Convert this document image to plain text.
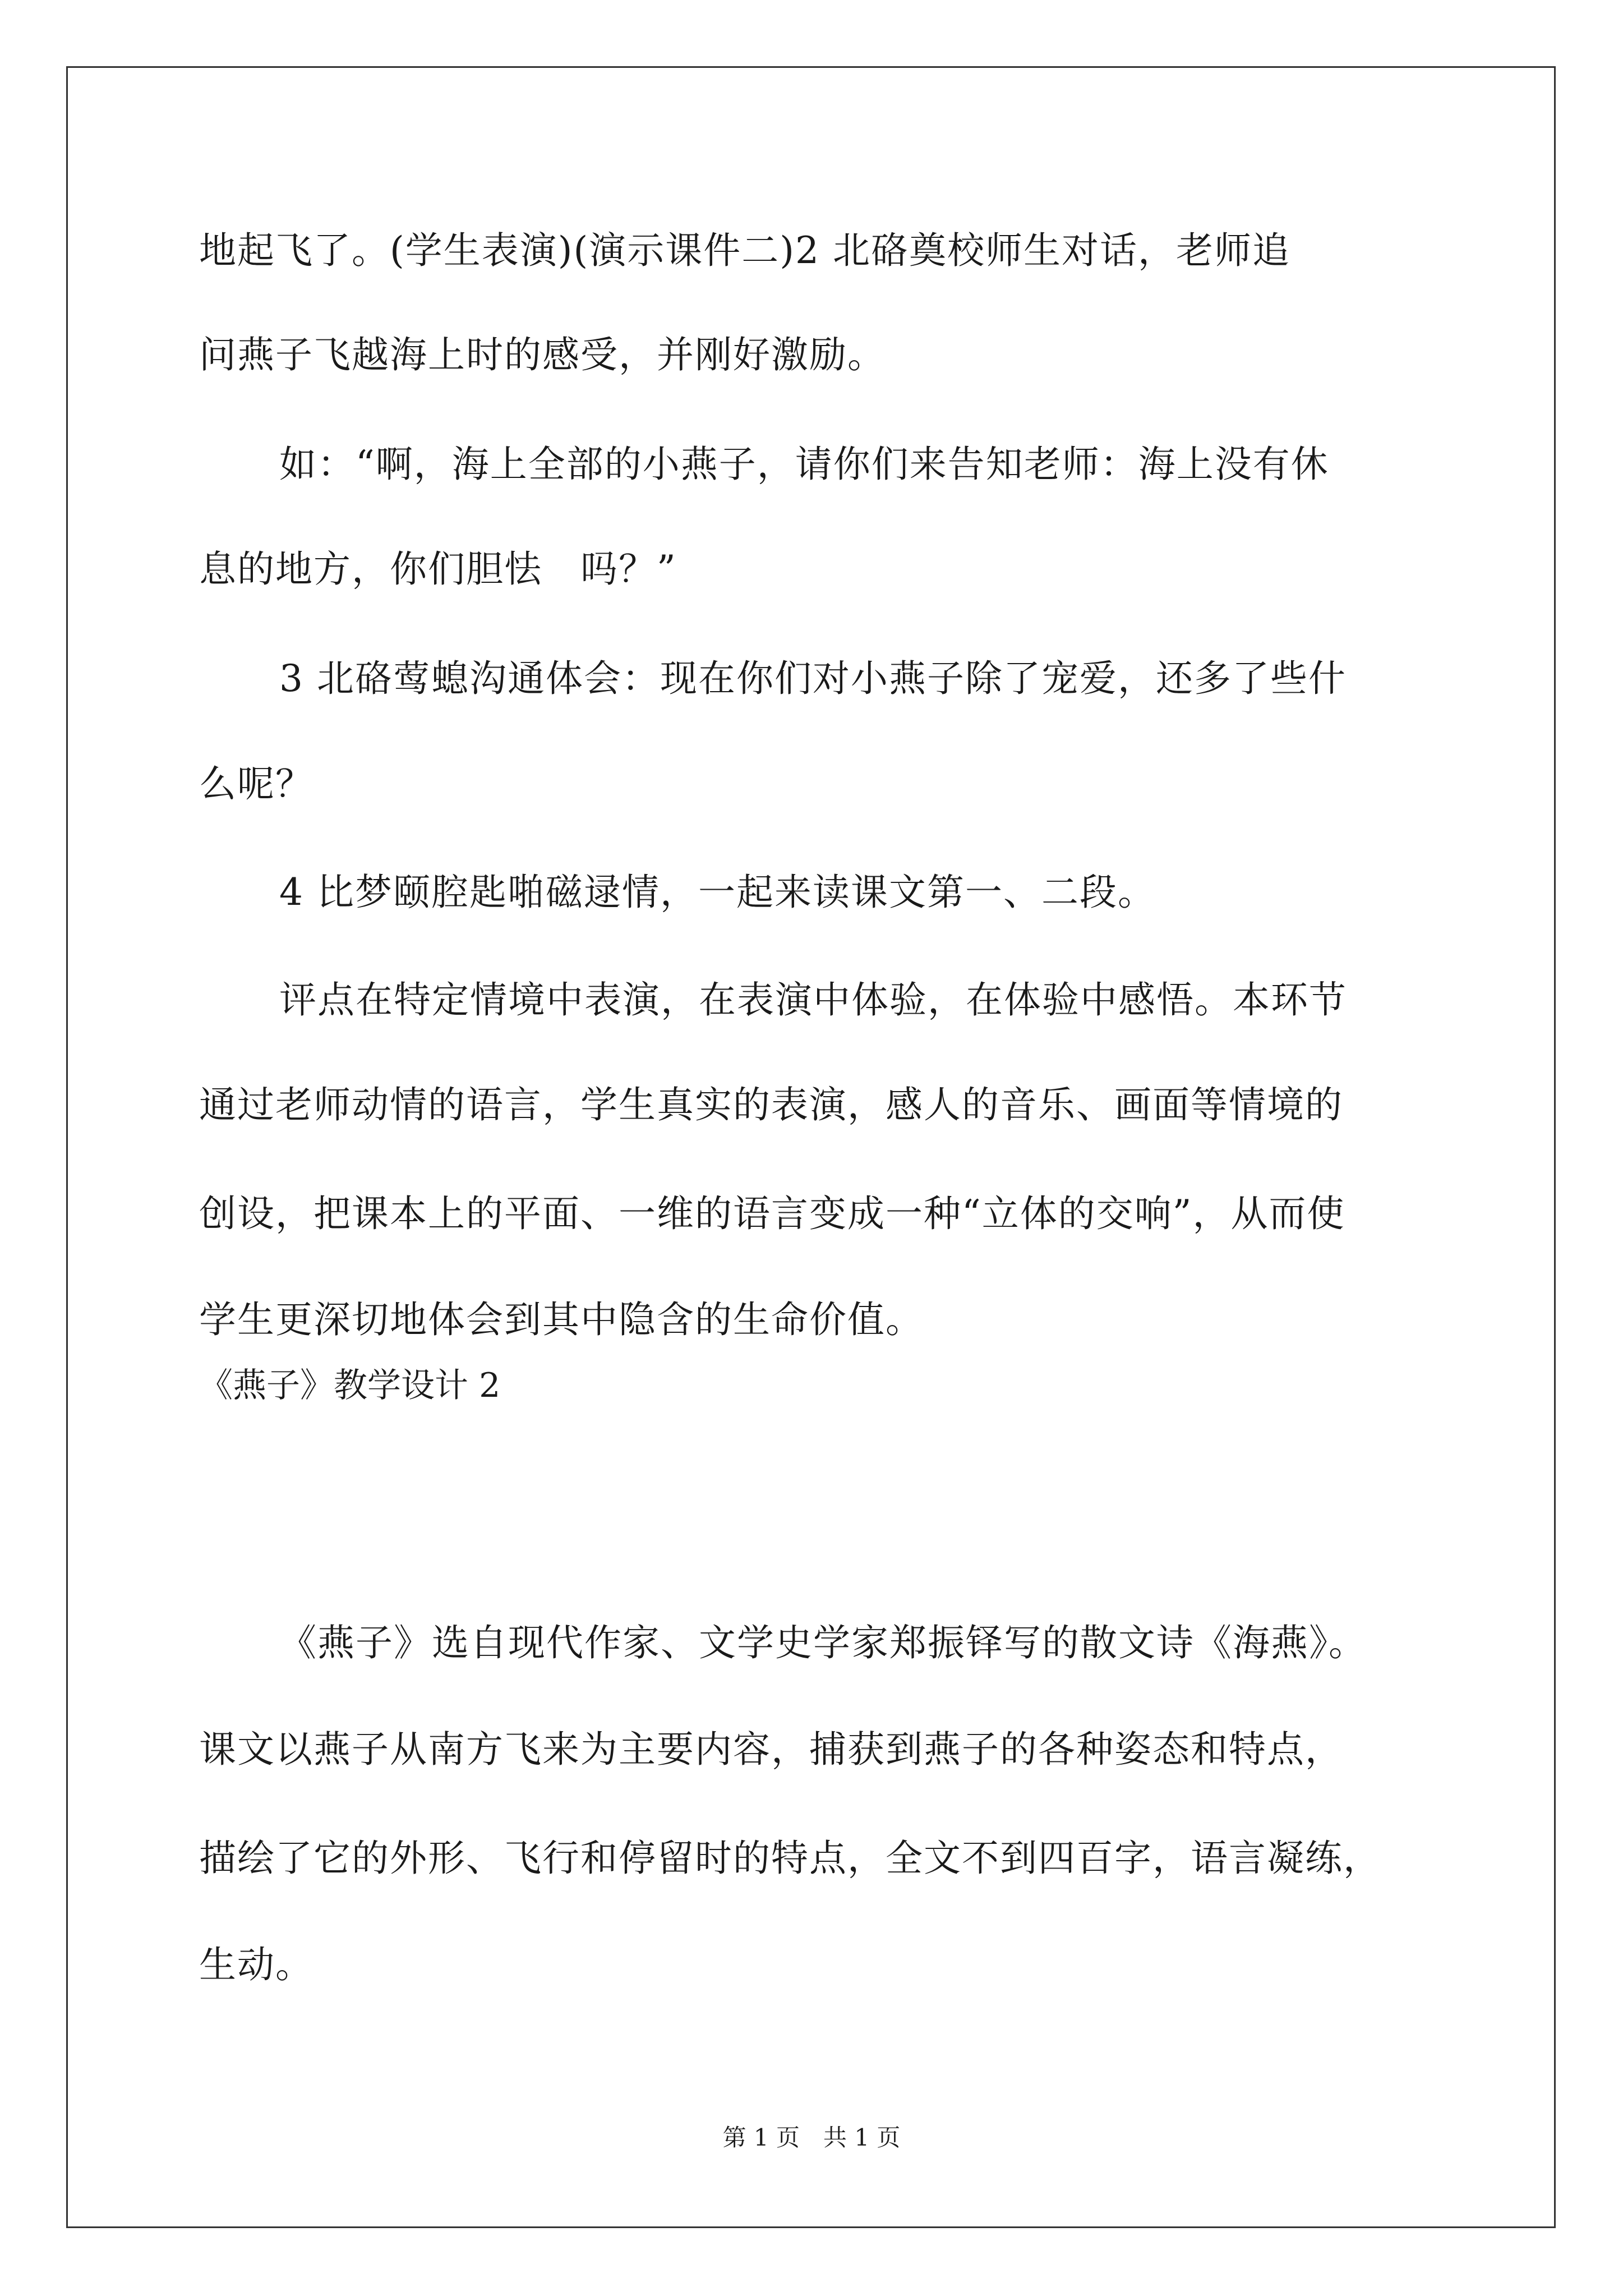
地起飞了。(学生表演)(演示课件二)2 北硌奠校师生对话，老师追
问燕子飞越海上时的感受，并刚好激励。
如：“啊，海上全部的小燕子，请你们来告知老师：海上没有休
息的地方，你们胆怯　吗？”
3 北硌莺螅沟通体会：现在你们对小燕子除了宠爱，还多了些什
么呢？
4 比梦颐腔匙啪磁逯情，一起来读课文第一、二段。
评点在特定情境中表演，在表演中体验，在体验中感悟。本环节
通过老师动情的语言，学生真实的表演，感人的音乐、画面等情境的
创设，把课本上的平面、一维的语言变成一种“立体的交响”，从而使
学生更深切地体会到其中隐含的生命价值。
《燕子》教学设计 2
《燕子》选自现代作家、文学史学家郑振铎写的散文诗《海燕》。
课文以燕子从南方飞来为主要内容，捕获到燕子的各种姿态和特点，
描绘了它的外形、飞行和停留时的特点，全文不到四百字，语言凝练，
生动。
第 1 页　共 1 页
